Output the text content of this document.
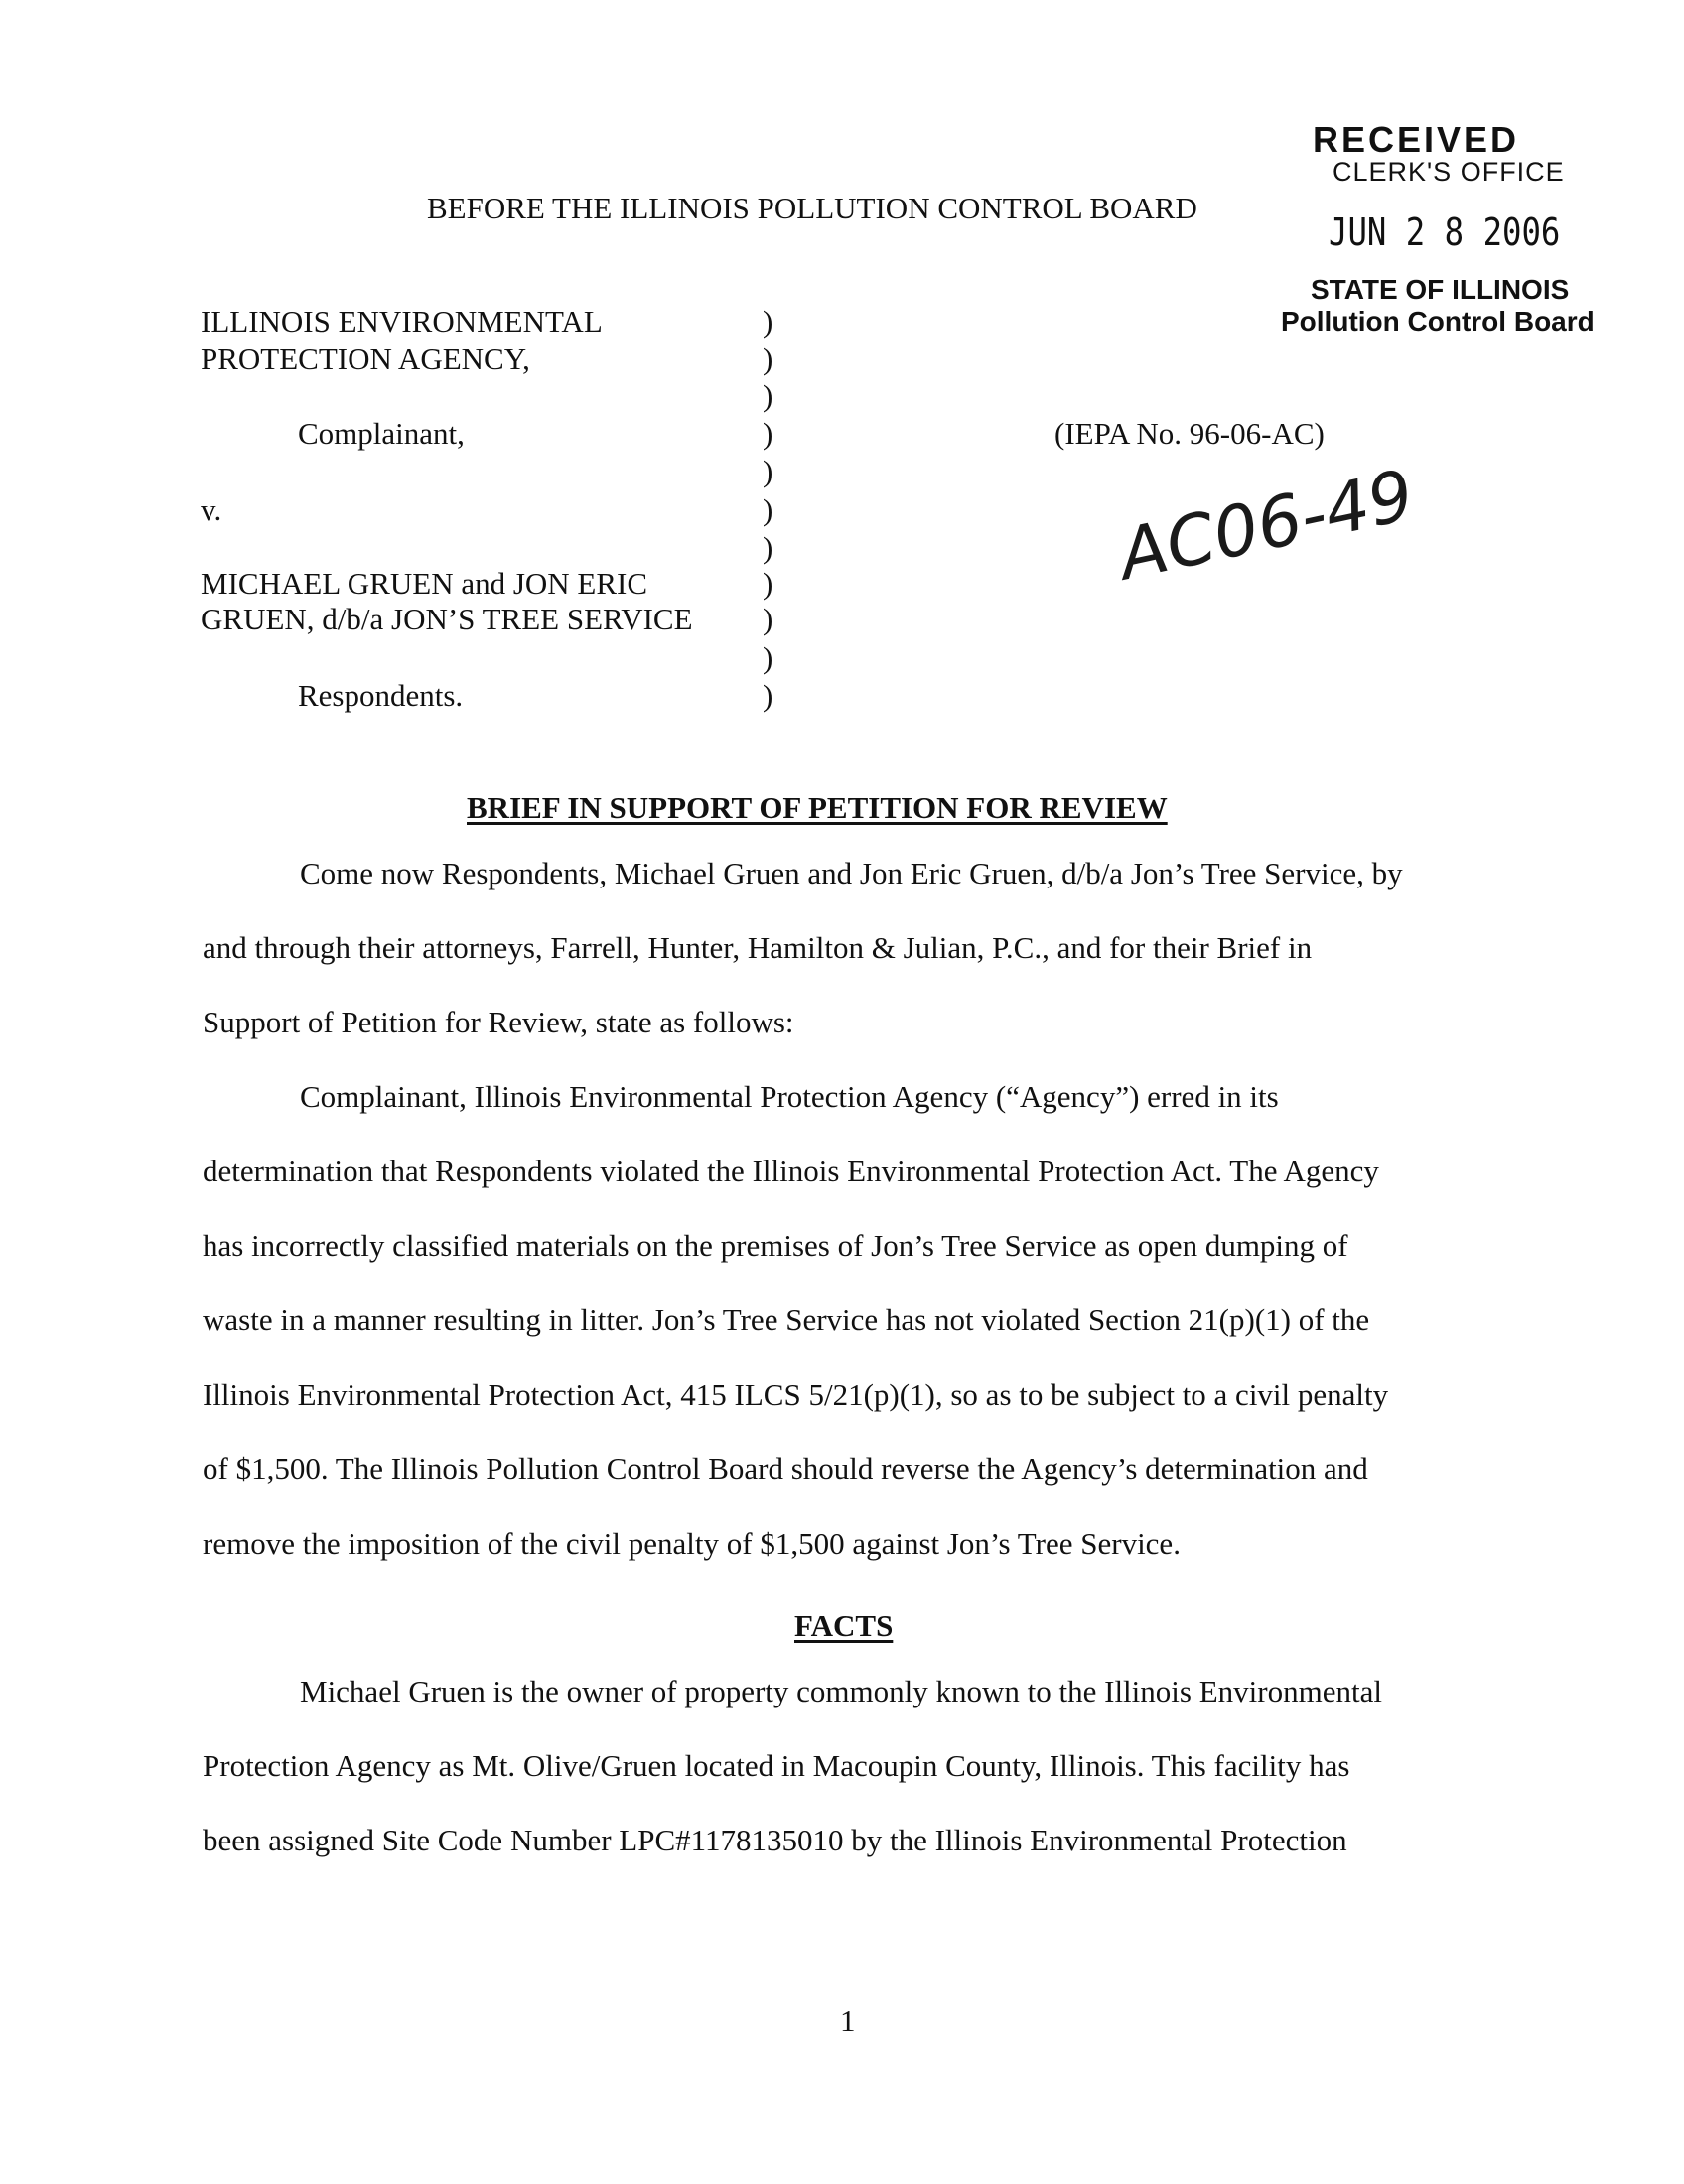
RECEIVED
CLERK'S OFFICE
JUN 2 8 2006
STATE OF ILLINOIS
Pollution Control Board
BEFORE THE ILLINOIS POLLUTION CONTROL BOARD
ILLINOIS ENVIRONMENTAL
PROTECTION AGENCY,
Complainant,
v.
MICHAEL GRUEN and JON ERIC
GRUEN, d/b/a JON’S TREE SERVICE
Respondents.
)
)
)
)
)
)
)
)
)
)
)
(IEPA No. 96-06-AC)
AC06-49
BRIEF IN SUPPORT OF PETITION FOR REVIEW
Come now Respondents, Michael Gruen and Jon Eric Gruen, d/b/a Jon’s Tree Service, by
and through their attorneys, Farrell, Hunter, Hamilton & Julian, P.C., and for their Brief in
Support of Petition for Review, state as follows:
Complainant, Illinois Environmental Protection Agency (“Agency”) erred in its
determination that Respondents violated the Illinois Environmental Protection Act. The Agency
has incorrectly classified materials on the premises of Jon’s Tree Service as open dumping of
waste in a manner resulting in litter. Jon’s Tree Service has not violated Section 21(p)(1) of the
Illinois Environmental Protection Act, 415 ILCS 5/21(p)(1), so as to be subject to a civil penalty
of $1,500. The Illinois Pollution Control Board should reverse the Agency’s determination and
remove the imposition of the civil penalty of $1,500 against Jon’s Tree Service.
FACTS
Michael Gruen is the owner of property commonly known to the Illinois Environmental
Protection Agency as Mt. Olive/Gruen located in Macoupin County, Illinois. This facility has
been assigned Site Code Number LPC#1178135010 by the Illinois Environmental Protection
1
